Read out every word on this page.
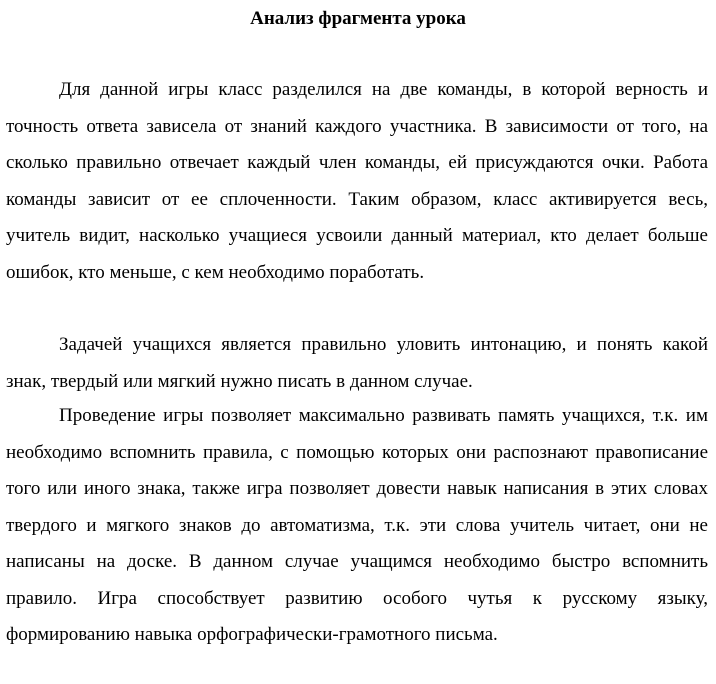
Анализ фрагмента урока

Для данной игры класс разделился на две команды, в которой верность и точность ответа зависела от знаний каждого участника. В зависимости от того, на сколько правильно отвечает каждый член команды, ей присуждаются очки. Работа команды зависит от ее сплоченности. Таким образом, класс активируется весь, учитель видит, насколько учащиеся усвоили данный материал, кто делает больше ошибок, кто меньше, с кем необходимо поработать.

Задачей учащихся является правильно уловить интонацию, и понять какой знак, твердый или мягкий нужно писать в данном случае.

Проведение игры позволяет максимально развивать память учащихся, т.к. им необходимо вспомнить правила, с помощью которых они распознают правописание того или иного знака, также игра позволяет довести навык написания в этих словах твердого и мягкого знаков до автоматизма, т.к. эти слова учитель читает, они не написаны на доске. В данном случае учащимся необходимо быстро вспомнить правило. Игра способствует развитию особого чутья к русскому языку, формированию навыка орфографически-грамотного письма.
